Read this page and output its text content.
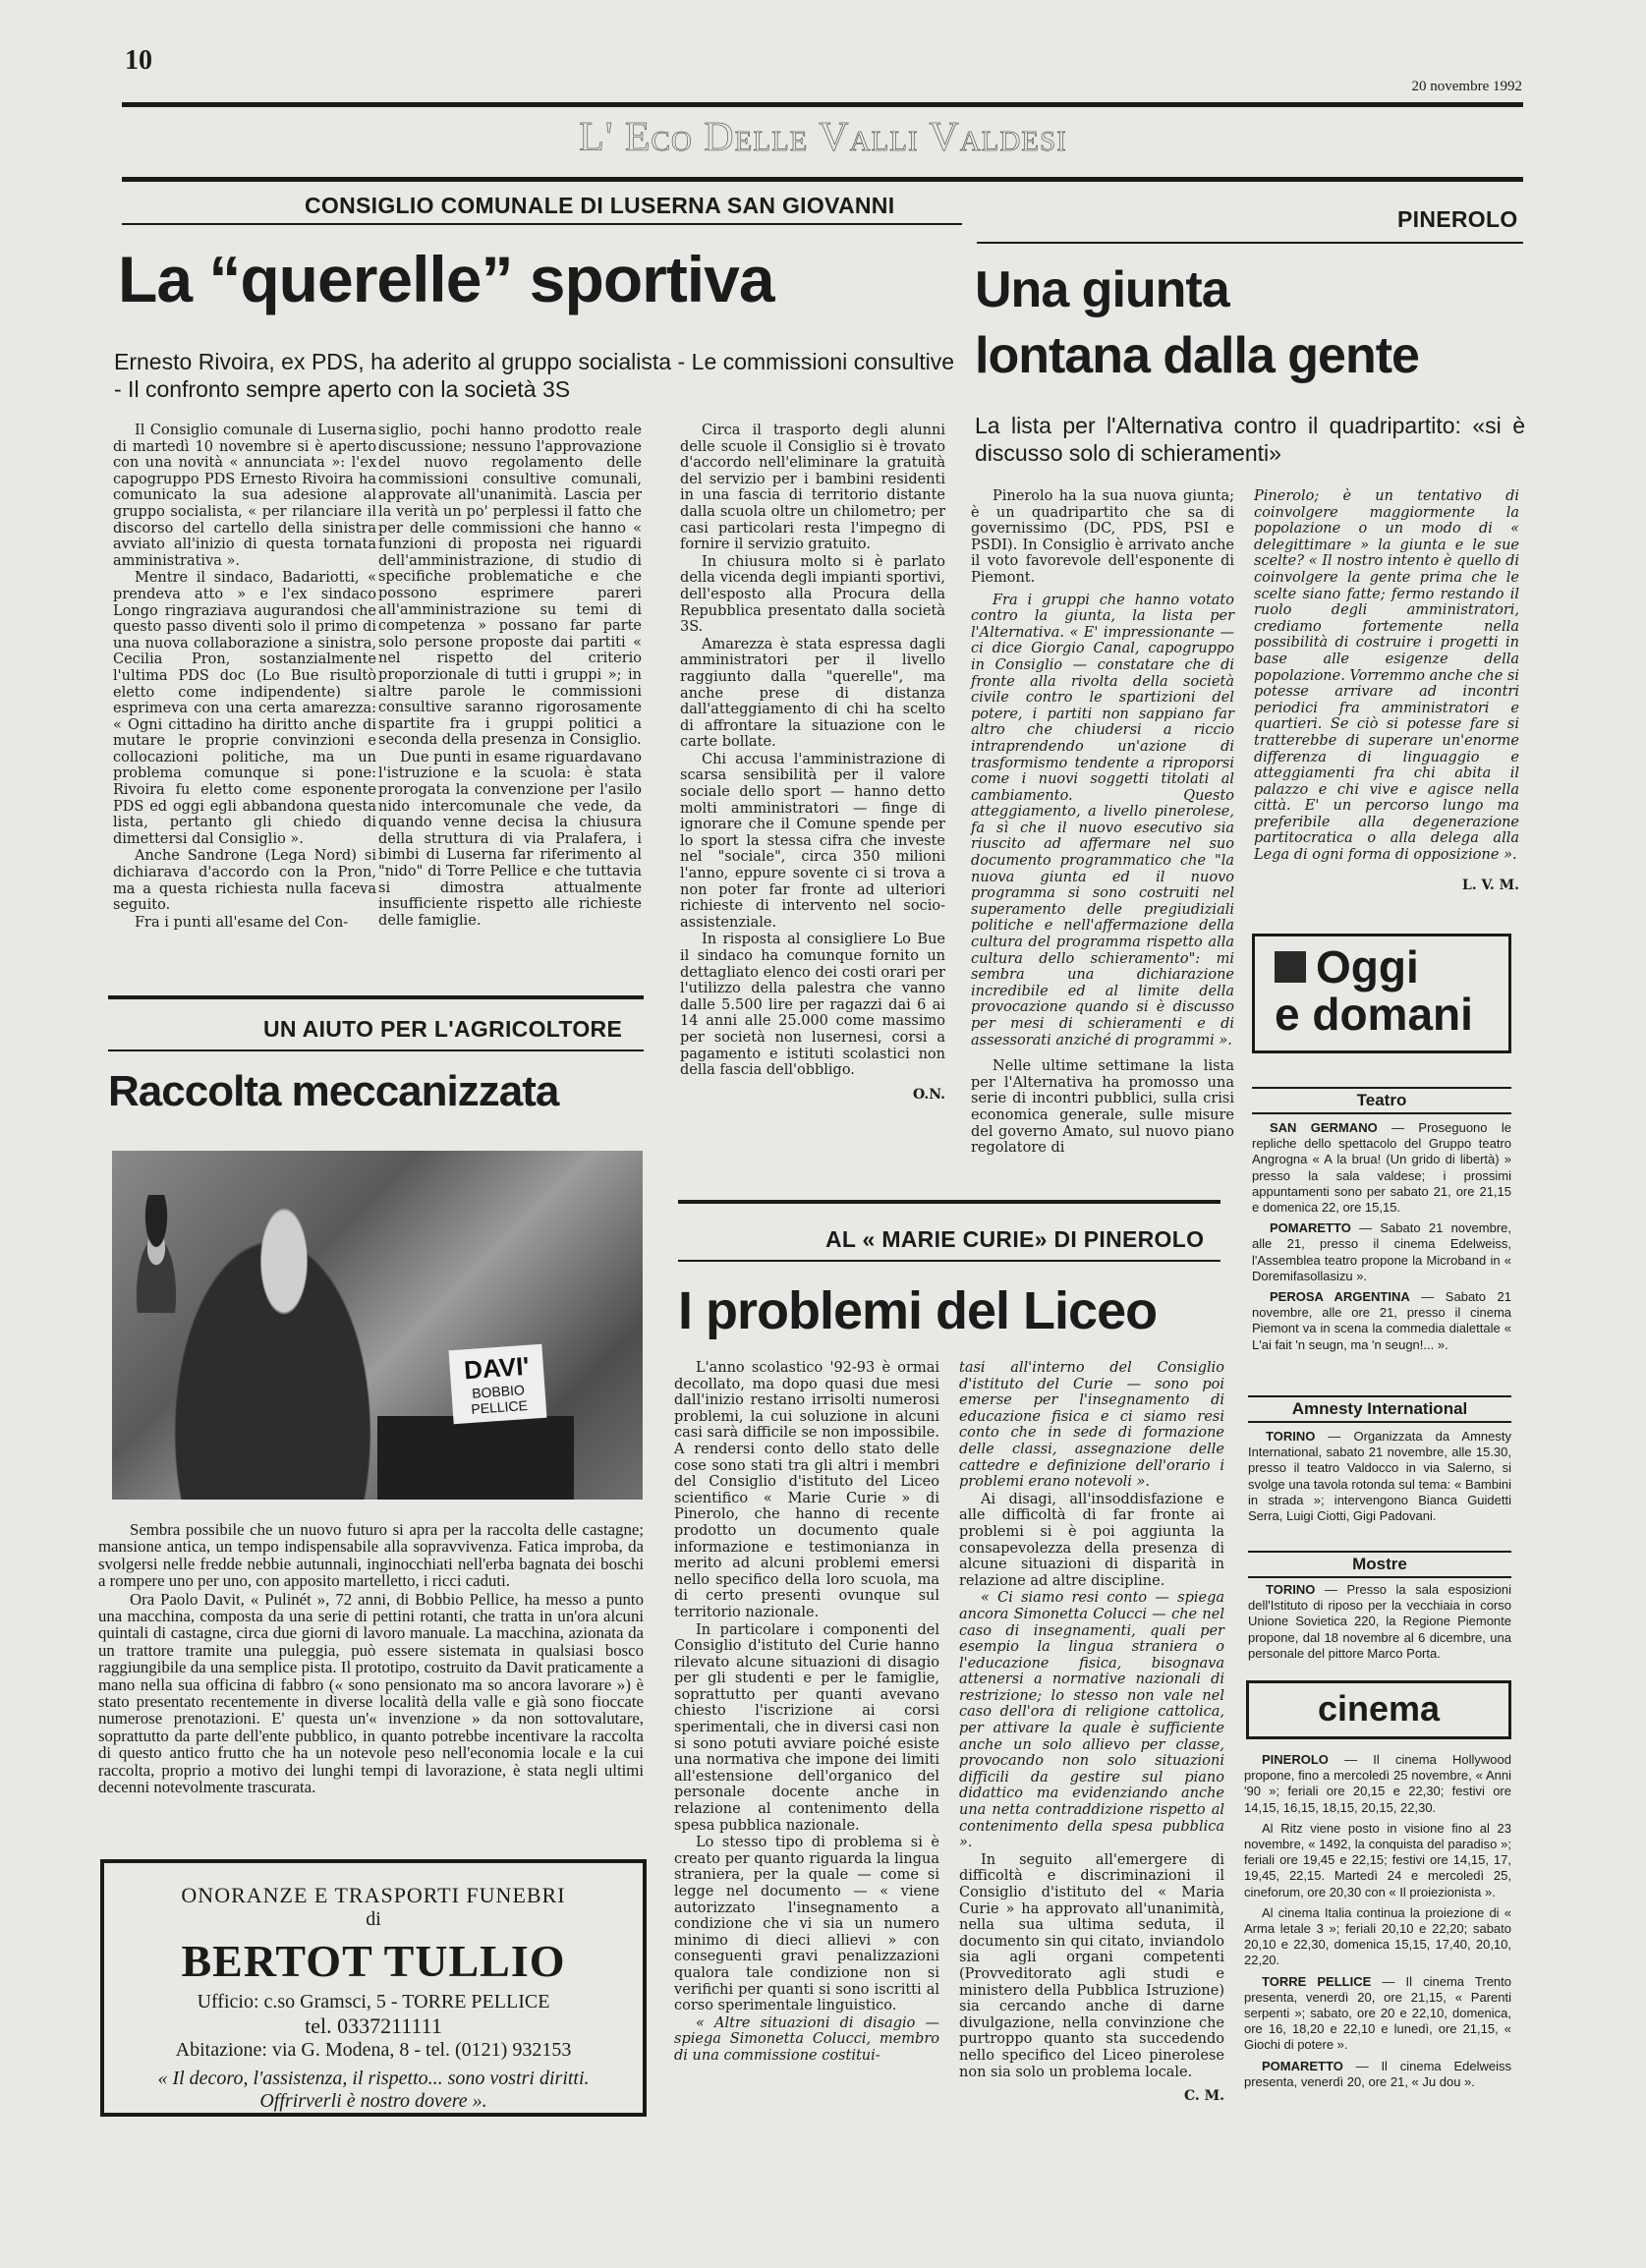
10
20 novembre 1992
L' Eco Delle Valli Valdesi
CONSIGLIO COMUNALE DI LUSERNA SAN GIOVANNI
La “querelle” sportiva
Ernesto Rivoira, ex PDS, ha aderito al gruppo socialista - Le commissioni consultive - Il confronto sempre aperto con la società 3S

Il Consiglio comunale di Luserna di martedì 10 novembre si è aperto con una novità « annunciata »: l'ex capogruppo PDS Ernesto Rivoira ha comunicato la sua adesione al gruppo socialista, « per rilanciare il discorso del cartello della sinistra avviato all'inizio di questa tornata amministrativa ».

Mentre il sindaco, Badariotti, « prendeva atto » e l'ex sindaco Longo ringraziava augurandosi che questo passo diventi solo il primo di una nuova collaborazione a sinistra, Cecilia Pron, sostanzialmente l'ultima PDS doc (Lo Bue risultò eletto come indipendente) si esprimeva con una certa amarezza: « Ogni cittadino ha diritto anche di mutare le proprie convinzioni e collocazioni politiche, ma un problema comunque si pone: Rivoira fu eletto come esponente PDS ed oggi egli abbandona questa lista, pertanto gli chiedo di dimettersi dal Consiglio ».

Anche Sandrone (Lega Nord) si dichiarava d'accordo con la Pron, ma a questa richiesta nulla faceva seguito.

Fra i punti all'esame del Con-

siglio, pochi hanno prodotto reale discussione; nessuno l'approvazione del nuovo regolamento delle commissioni consultive comunali, approvate all'unanimità. Lascia per la verità un po' perplessi il fatto che per delle commissioni che hanno « funzioni di proposta nei riguardi dell'amministrazione, di studio di specifiche problematiche e che possono esprimere pareri all'amministrazione su temi di competenza » possano far parte solo persone proposte dai partiti « nel rispetto del criterio proporzionale di tutti i gruppi »; in altre parole le commissioni consultive saranno rigorosamente spartite fra i gruppi politici a seconda della presenza in Consiglio.

Due punti in esame riguardavano l'istruzione e la scuola: è stata prorogata la convenzione per l'asilo nido intercomunale che vede, da quando venne decisa la chiusura della struttura di via Pralafera, i bimbi di Luserna far riferimento al "nido" di Torre Pellice e che tuttavia si dimostra attualmente insufficiente rispetto alle richieste delle famiglie.

Circa il trasporto degli alunni delle scuole il Consiglio si è trovato d'accordo nell'eliminare la gratuità del servizio per i bambini residenti in una fascia di territorio distante dalla scuola oltre un chilometro; per casi particolari resta l'impegno di fornire il servizio gratuito.

In chiusura molto si è parlato della vicenda degli impianti sportivi, dell'esposto alla Procura della Repubblica presentato dalla società 3S.

Amarezza è stata espressa dagli amministratori per il livello raggiunto dalla "querelle", ma anche prese di distanza dall'atteggiamento di chi ha scelto di affrontare la situazione con le carte bollate.

Chi accusa l'amministrazione di scarsa sensibilità per il valore sociale dello sport — hanno detto molti amministratori — finge di ignorare che il Comune spende per lo sport la stessa cifra che investe nel "sociale", circa 350 milioni l'anno, eppure sovente ci si trova a non poter far fronte ad ulteriori richieste di intervento nel socio-assistenziale.

In risposta al consigliere Lo Bue il sindaco ha comunque fornito un dettagliato elenco dei costi orari per l'utilizzo della palestra che vanno dalle 5.500 lire per ragazzi dai 6 ai 14 anni alle 25.000 come massimo per società non lusernesi, corsi a pagamento e istituti scolastici non della fascia dell'obbligo.

O.N.
PINEROLO
Una giunta
lontana dalla gente
La lista per l'Alternativa contro il quadripartito: «si è discusso solo di schieramenti»

Pinerolo ha la sua nuova giunta; è un quadripartito che sa di governissimo (DC, PDS, PSI e PSDI). In Consiglio è arrivato anche il voto favorevole dell'esponente di Piemont.

Fra i gruppi che hanno votato contro la giunta, la lista per l'Alternativa. « E' impressionante — ci dice Giorgio Canal, capogruppo in Consiglio — constatare che di fronte alla rivolta della società civile contro le spartizioni del potere, i partiti non sappiano far altro che chiudersi a riccio intraprendendo un'azione di trasformismo tendente a riproporsi come i nuovi soggetti titolati al cambiamento. Questo atteggiamento, a livello pinerolese, fa sì che il nuovo esecutivo sia riuscito ad affermare nel suo documento programmatico che "la nuova giunta ed il nuovo programma si sono costruiti nel superamento delle pregiudiziali politiche e nell'affermazione della cultura del programma rispetto alla cultura dello schieramento": mi sembra una dichiarazione incredibile ed al limite della provocazione quando si è discusso per mesi di schieramenti e di assessorati anziché di programmi ».

Nelle ultime settimane la lista per l'Alternativa ha promosso una serie di incontri pubblici, sulla crisi economica generale, sulle misure del governo Amato, sul nuovo piano regolatore di

Pinerolo; è un tentativo di coinvolgere maggiormente la popolazione o un modo di « delegittimare » la giunta e le sue scelte? « Il nostro intento è quello di coinvolgere la gente prima che le scelte siano fatte; fermo restando il ruolo degli amministratori, crediamo fortemente nella possibilità di costruire i progetti in base alle esigenze della popolazione. Vorremmo anche che si potesse arrivare ad incontri periodici fra amministratori e quartieri. Se ciò si potesse fare si tratterebbe di superare un'enorme differenza di linguaggio e atteggiamenti fra chi abita il palazzo e chi vive e agisce nella città. E' un percorso lungo ma preferibile alla degenerazione partitocratica o alla delega alla Lega di ogni forma di opposizione ».

L. V. M.
UN AIUTO PER L'AGRICOLTORE
Raccolta meccanizzata
DAVI'
BOBBIO
PELLICE

Sembra possibile che un nuovo futuro si apra per la raccolta delle castagne; mansione antica, un tempo indispensabile alla sopravvivenza. Fatica improba, da svolgersi nelle fredde nebbie autunnali, inginocchiati nell'erba bagnata dei boschi a rompere uno per uno, con apposito martelletto, i ricci caduti.

Ora Paolo Davit, « Pulinét », 72 anni, di Bobbio Pellice, ha messo a punto una macchina, composta da una serie di pettini rotanti, che tratta in un'ora alcuni quintali di castagne, circa due giorni di lavoro manuale. La macchina, azionata da un trattore tramite una puleggia, può essere sistemata in qualsiasi bosco raggiungibile da una semplice pista. Il prototipo, costruito da Davit praticamente a mano nella sua officina di fabbro (« sono pensionato ma so ancora lavorare ») è stato presentato recentemente in diverse località della valle e già sono fioccate numerose prenotazioni. E' questa un'« invenzione » da non sottovalutare, soprattutto da parte dell'ente pubblico, in quanto potrebbe incentivare la raccolta di questo antico frutto che ha un notevole peso nell'economia locale e la cui raccolta, proprio a motivo dei lunghi tempi di lavorazione, è stata negli ultimi decenni notevolmente trascurata.

ONORANZE E TRASPORTI FUNEBRI
di
BERTOT TULLIO
Ufficio: c.so Gramsci, 5 - TORRE PELLICE
tel. 0337211111
Abitazione: via G. Modena, 8 - tel. (0121) 932153
« Il decoro, l'assistenza, il rispetto... sono vostri diritti.
Offrirverli è nostro dovere ».
AL « MARIE CURIE» DI PINEROLO
I problemi del Liceo

L'anno scolastico '92-93 è ormai decollato, ma dopo quasi due mesi dall'inizio restano irrisolti numerosi problemi, la cui soluzione in alcuni casi sarà difficile se non impossibile. A rendersi conto dello stato delle cose sono stati tra gli altri i membri del Consiglio d'istituto del Liceo scientifico « Marie Curie » di Pinerolo, che hanno di recente prodotto un documento quale informazione e testimonianza in merito ad alcuni problemi emersi nello specifico della loro scuola, ma di certo presenti ovunque sul territorio nazionale.

In particolare i componenti del Consiglio d'istituto del Curie hanno rilevato alcune situazioni di disagio per gli studenti e per le famiglie, soprattutto per quanti avevano chiesto l'iscrizione ai corsi sperimentali, che in diversi casi non si sono potuti avviare poiché esiste una normativa che impone dei limiti all'estensione dell'organico del personale docente anche in relazione al contenimento della spesa pubblica nazionale.

Lo stesso tipo di problema si è creato per quanto riguarda la lingua straniera, per la quale — come si legge nel documento — « viene autorizzato l'insegnamento a condizione che vi sia un numero minimo di dieci allievi » con conseguenti gravi penalizzazioni qualora tale condizione non si verifichi per quanti si sono iscritti al corso sperimentale linguistico.

« Altre situazioni di disagio — spiega Simonetta Colucci, membro di una commissione costitui-

tasi all'interno del Consiglio d'istituto del Curie — sono poi emerse per l'insegnamento di educazione fisica e ci siamo resi conto che in sede di formazione delle classi, assegnazione delle cattedre e definizione dell'orario i problemi erano notevoli ».

Ai disagi, all'insoddisfazione e alle difficoltà di far fronte ai problemi si è poi aggiunta la consapevolezza della presenza di alcune situazioni di disparità in relazione ad altre discipline.

« Ci siamo resi conto — spiega ancora Simonetta Colucci — che nel caso di insegnamenti, quali per esempio la lingua straniera o l'educazione fisica, bisognava attenersi a normative nazionali di restrizione; lo stesso non vale nel caso dell'ora di religione cattolica, per attivare la quale è sufficiente anche un solo allievo per classe, provocando non solo situazioni difficili da gestire sul piano didattico ma evidenziando anche una netta contraddizione rispetto al contenimento della spesa pubblica ».

In seguito all'emergere di difficoltà e discriminazioni il Consiglio d'istituto del « Maria Curie » ha approvato all'unanimità, nella sua ultima seduta, il documento sin qui citato, inviandolo sia agli organi competenti (Provveditorato agli studi e ministero della Pubblica Istruzione) sia cercando anche di darne divulgazione, nella convinzione che purtroppo quanto sta succedendo nello specifico del Liceo pinerolese non sia solo un problema locale.

C. M.
Oggi
e domani
Teatro

SAN GERMANO — Proseguono le repliche dello spettacolo del Gruppo teatro Angrogna « A la brua! (Un grido di libertà) » presso la sala valdese; i prossimi appuntamenti sono per sabato 21, ore 21,15 e domenica 22, ore 15,15.

POMARETTO — Sabato 21 novembre, alle 21, presso il cinema Edelweiss, l'Assemblea teatro propone la Microband in « Doremifasollasizu ».

PEROSA ARGENTINA — Sabato 21 novembre, alle ore 21, presso il cinema Piemont va in scena la commedia dialettale « L'ai fait 'n seugn, ma 'n seugn!... ».

Amnesty International

TORINO — Organizzata da Amnesty International, sabato 21 novembre, alle 15.30, presso il teatro Valdocco in via Salerno, si svolge una tavola rotonda sul tema: « Bambini in strada »; intervengono Bianca Guidetti Serra, Luigi Ciotti, Gigi Padovani.

Mostre

TORINO — Presso la sala esposizioni dell'Istituto di riposo per la vecchiaia in corso Unione Sovietica 220, la Regione Piemonte propone, dal 18 novembre al 6 dicembre, una personale del pittore Marco Porta.

cinema

PINEROLO — Il cinema Hollywood propone, fino a mercoledì 25 novembre, « Anni '90 »; feriali ore 20,15 e 22,30; festivi ore 14,15, 16,15, 18,15, 20,15, 22,30.

Al Ritz viene posto in visione fino al 23 novembre, « 1492, la conquista del paradiso »; feriali ore 19,45 e 22,15; festivi ore 14,15, 17, 19,45, 22,15. Martedì 24 e mercoledì 25, cineforum, ore 20,30 con « Il proiezionista ».

Al cinema Italia continua la proiezione di « Arma letale 3 »; feriali 20,10 e 22,20; sabato 20,10 e 22,30, domenica 15,15, 17,40, 20,10, 22,20.

TORRE PELLICE — Il cinema Trento presenta, venerdì 20, ore 21,15, « Parenti serpenti »; sabato, ore 20 e 22,10, domenica, ore 16, 18,20 e 22,10 e lunedì, ore 21,15, « Giochi di potere ».

POMARETTO — Il cinema Edelweiss presenta, venerdì 20, ore 21, « Ju dou ».
